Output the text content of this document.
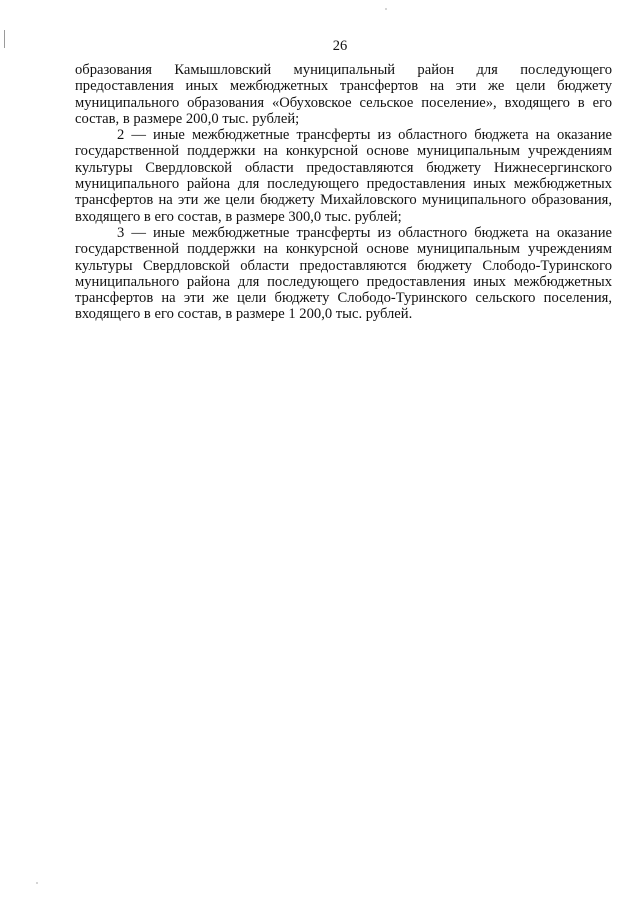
26

образования Камышловский муниципальный район для последующего предоставления иных межбюджетных трансфертов на эти же цели бюджету муниципального образования «Обуховское сельское поселение», входящего в его состав, в размере 200,0 тыс. рублей;

2 — иные межбюджетные трансферты из областного бюджета на оказание государственной поддержки на конкурсной основе муниципальным учреждениям культуры Свердловской области предоставляются бюджету Нижнесергинского муниципального района для последующего предоставления иных межбюджетных трансфертов на эти же цели бюджету Михайловского муниципального образования, входящего в его состав, в размере 300,0 тыс. рублей;

3 — иные межбюджетные трансферты из областного бюджета на оказание государственной поддержки на конкурсной основе муниципальным учреждениям культуры Свердловской области предоставляются бюджету Слободо-Туринского муниципального района для последующего предоставления иных межбюджетных трансфертов на эти же цели бюджету Слободо-Туринского сельского поселения, входящего в его состав, в размере 1 200,0 тыс. рублей.
